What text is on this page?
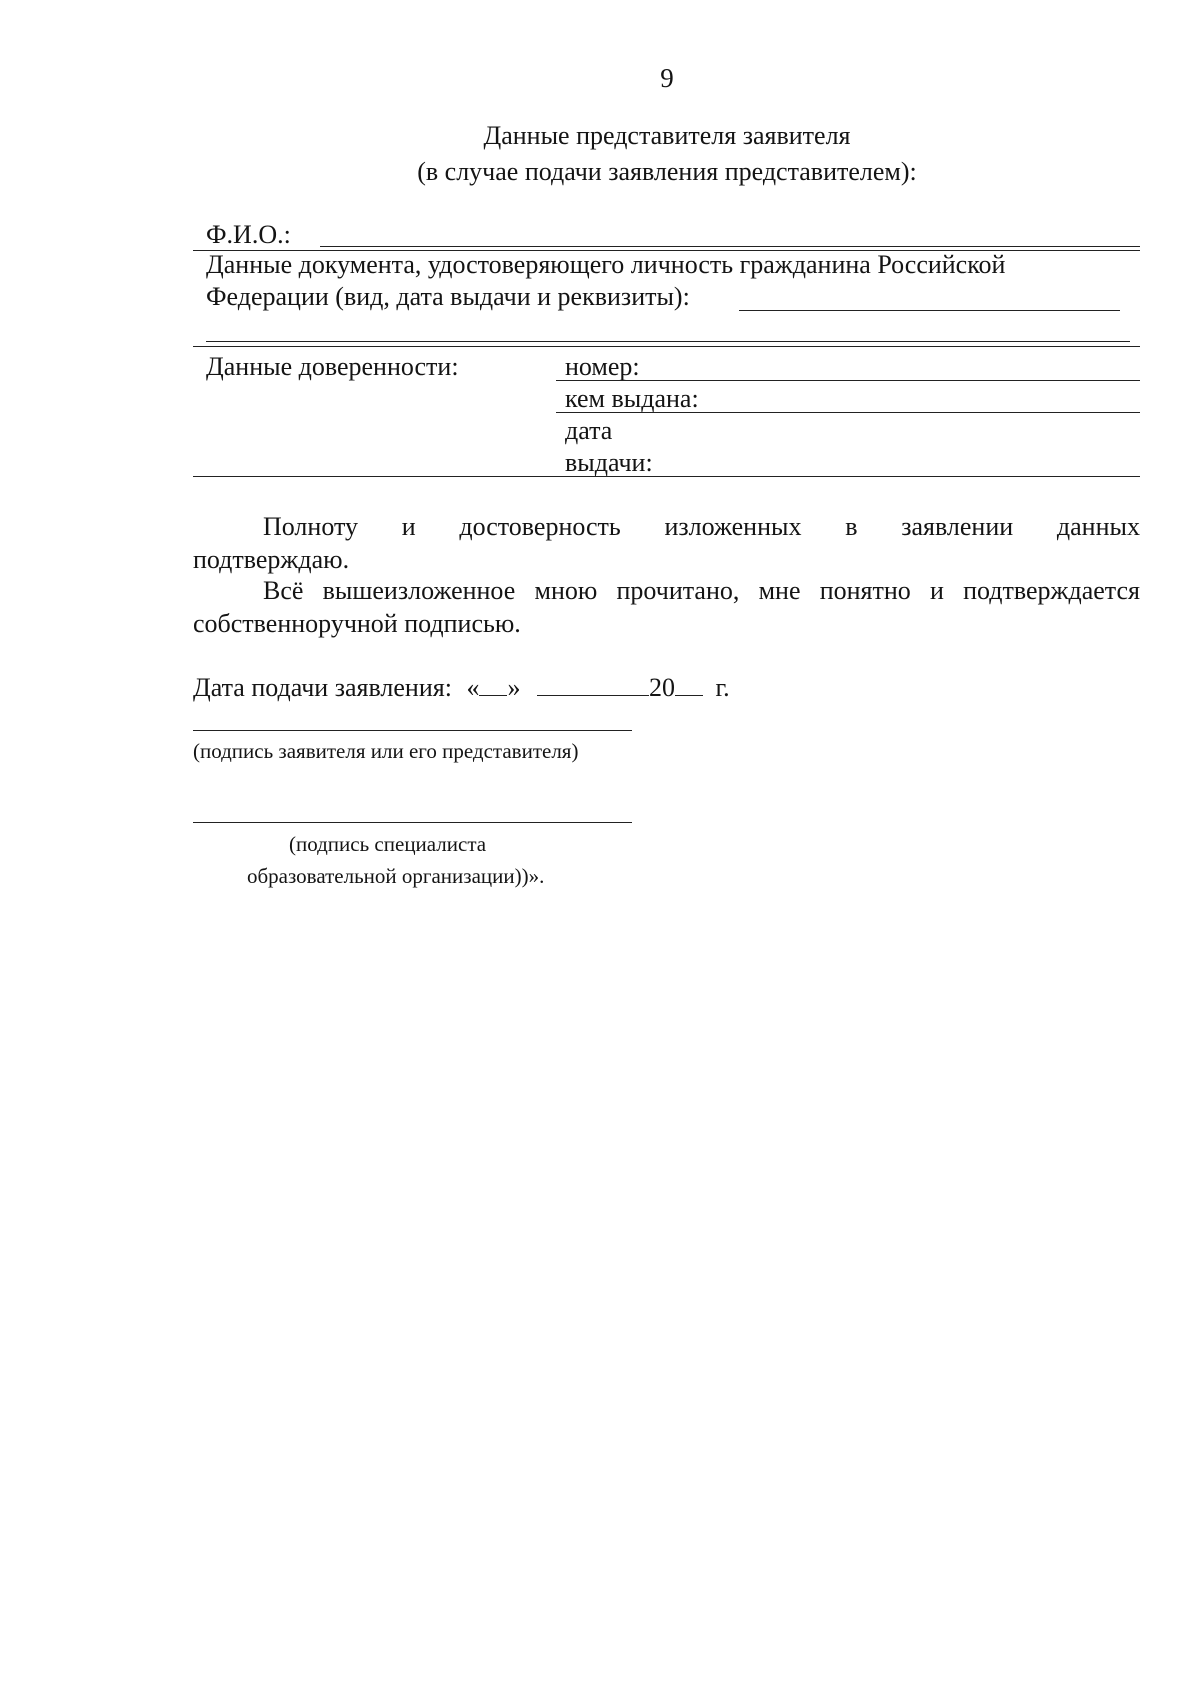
9
Данные представителя заявителя
(в случае подачи заявления представителем):
Ф.И.О.:
Данные документа, удостоверяющего личность гражданина Российской
Федерации (вид, дата выдачи и реквизиты):
Данные доверенности:	номер:
кем выдана:
дата
выдачи:
Полноту и достоверность изложенных в заявлении данных
подтверждаю.
Всё вышеизложенное мною прочитано, мне понятно и подтверждается
собственноручной подписью.
Дата подачи заявления: « »	20 г.
(подпись заявителя или его представителя)
(подпись специалиста
образовательной организации))».
